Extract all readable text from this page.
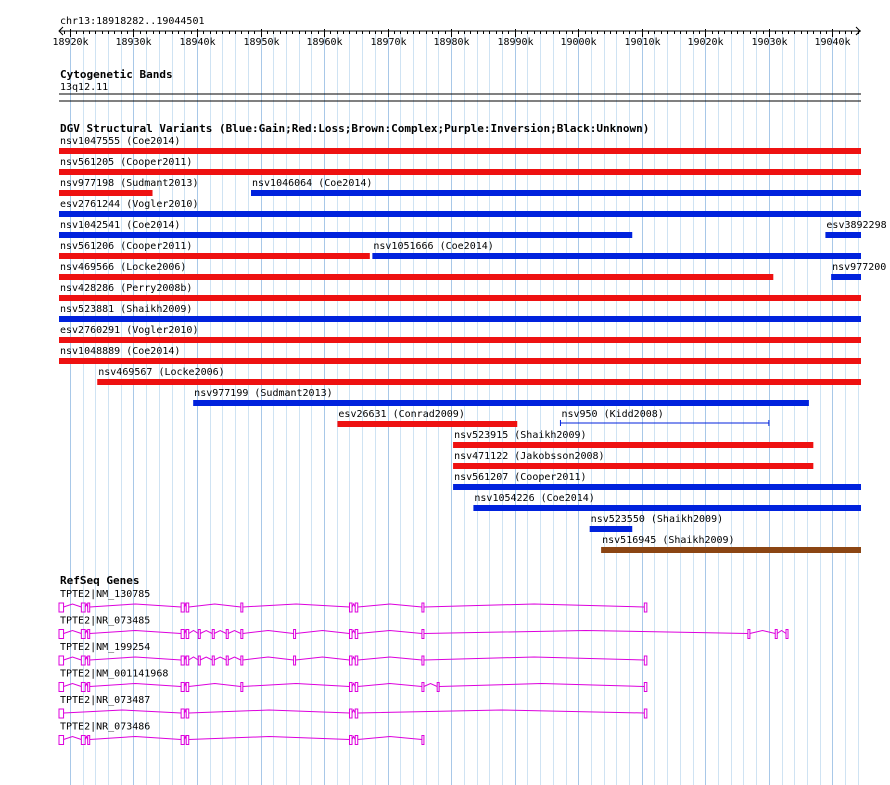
chr13:18918282..19044501
18920k	18930k	18940k	18950k	18960k	18970k	18980k	18990k	19000k	19010k	19020k	19030k	19040k
Cytogenetic Bands
13q12.11
DGV Structural Variants (Blue:Gain;Red:Loss;Brown:Complex;Purple:Inversion;Black:Unknown)
nsv1047555 (Coe2014)
nsv561205 (Cooper2011)
nsv977198 (Sudmant2013)	nsv1046064 (Coe2014)
esv2761244 (Vogler2010)
nsv1042541 (Coe2014)	esv3892298
nsv561206 (Cooper2011)	nsv1051666 (Coe2014)
nsv469566 (Locke2006)	nsv977200
nsv428286 (Perry2008b)
nsv523881 (Shaikh2009)
esv2760291 (Vogler2010)
nsv1048889 (Coe2014)
nsv469567 (Locke2006)
nsv977199 (Sudmant2013)
esv26631 (Conrad2009)	nsv950 (Kidd2008)
nsv523915 (Shaikh2009)
nsv471122 (Jakobsson2008)
nsv561207 (Cooper2011)
nsv1054226 (Coe2014)
nsv523550 (Shaikh2009)
nsv516945 (Shaikh2009)
RefSeq Genes
TPTE2|NM_130785
TPTE2|NR_073485
TPTE2|NM_199254
TPTE2|NM_001141968
TPTE2|NR_073487
TPTE2|NR_073486
